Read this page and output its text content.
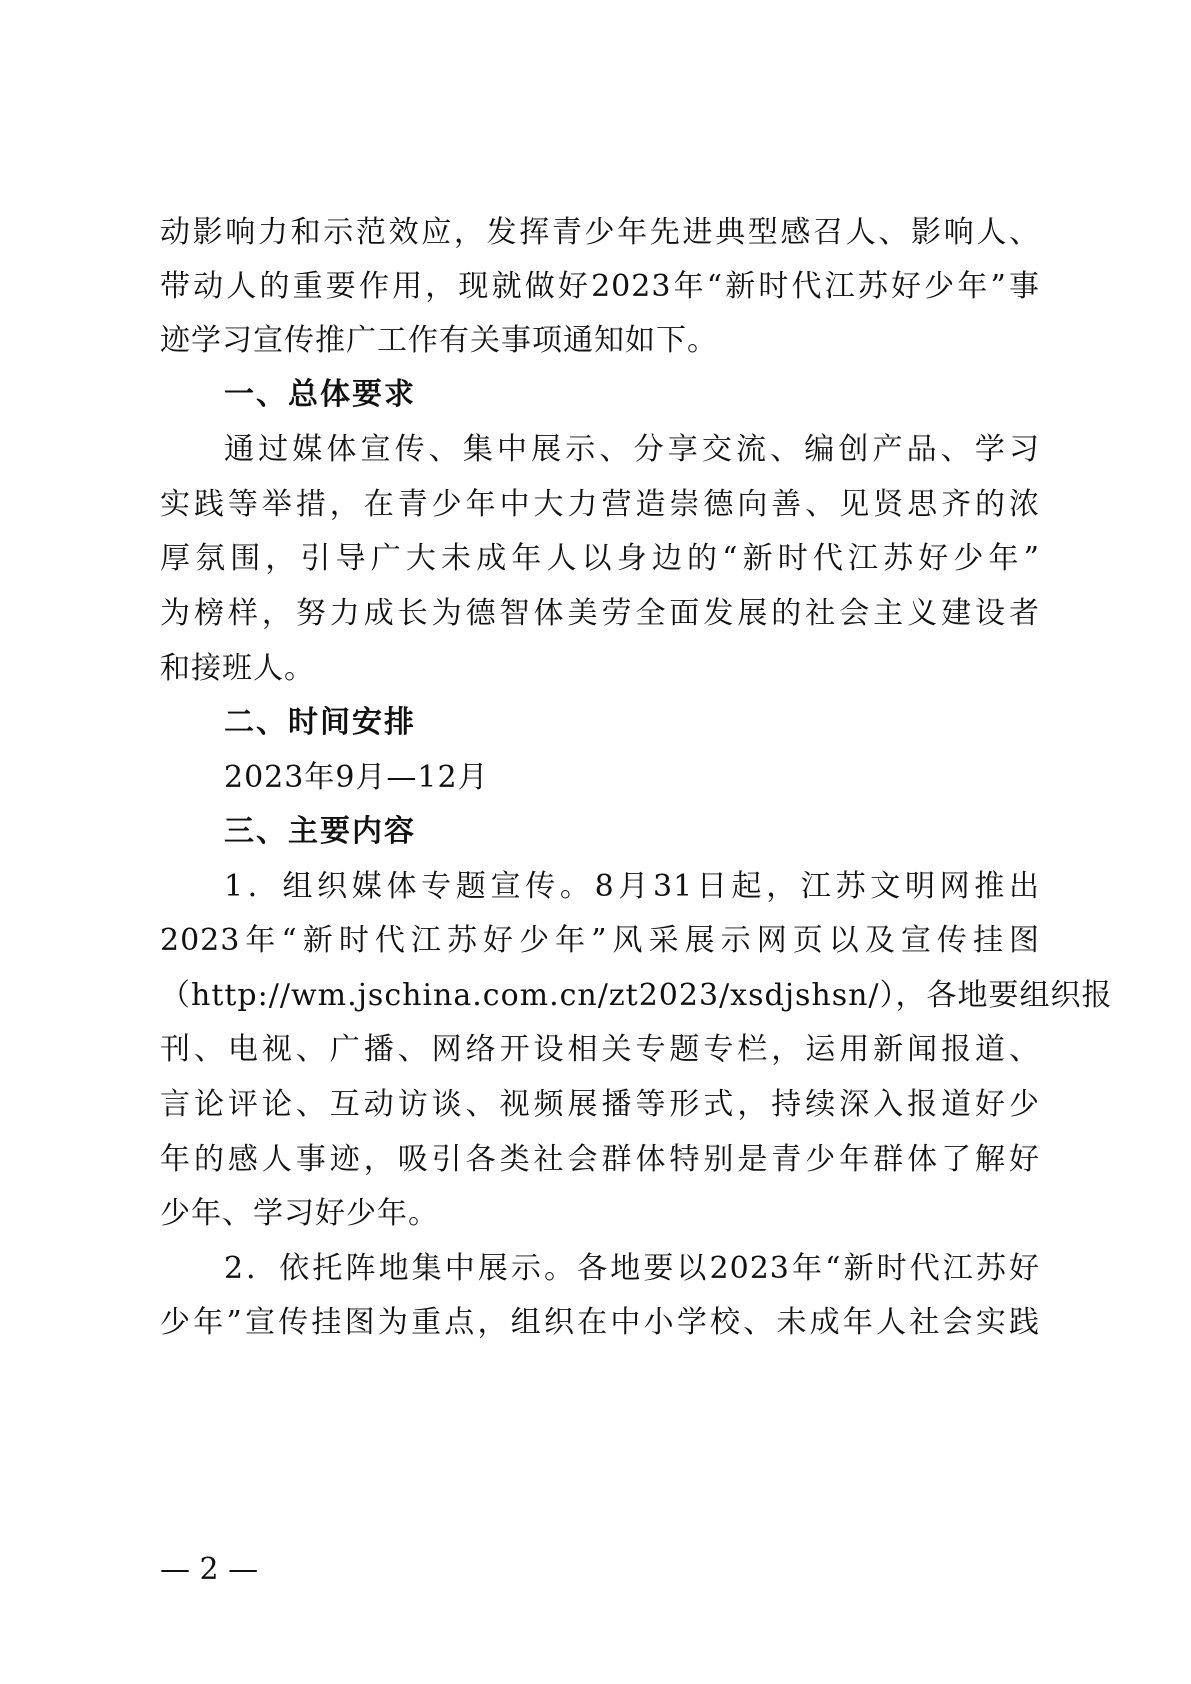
动影响力和示范效应，发挥青少年先进典型感召人、影响人、
带动人的重要作用，现就做好2023年“新时代江苏好少年”事
迹学习宣传推广工作有关事项通知如下。
一、总体要求
通过媒体宣传、集中展示、分享交流、编创产品、学习
实践等举措，在青少年中大力营造崇德向善、见贤思齐的浓
厚氛围，引导广大未成年人以身边的“新时代江苏好少年”
为榜样，努力成长为德智体美劳全面发展的社会主义建设者
和接班人。
二、时间安排
2023年9月—12月
三、主要内容
1．组织媒体专题宣传。8月31日起，江苏文明网推出
2023年“新时代江苏好少年”风采展示网页以及宣传挂图
（http://wm.jschina.com.cn/zt2023/xsdjshsn/），各地要组织报
刊、电视、广播、网络开设相关专题专栏，运用新闻报道、
言论评论、互动访谈、视频展播等形式，持续深入报道好少
年的感人事迹，吸引各类社会群体特别是青少年群体了解好
少年、学习好少年。
2．依托阵地集中展示。各地要以2023年“新时代江苏好
少年”宣传挂图为重点，组织在中小学校、未成年人社会实践
— 2 —
